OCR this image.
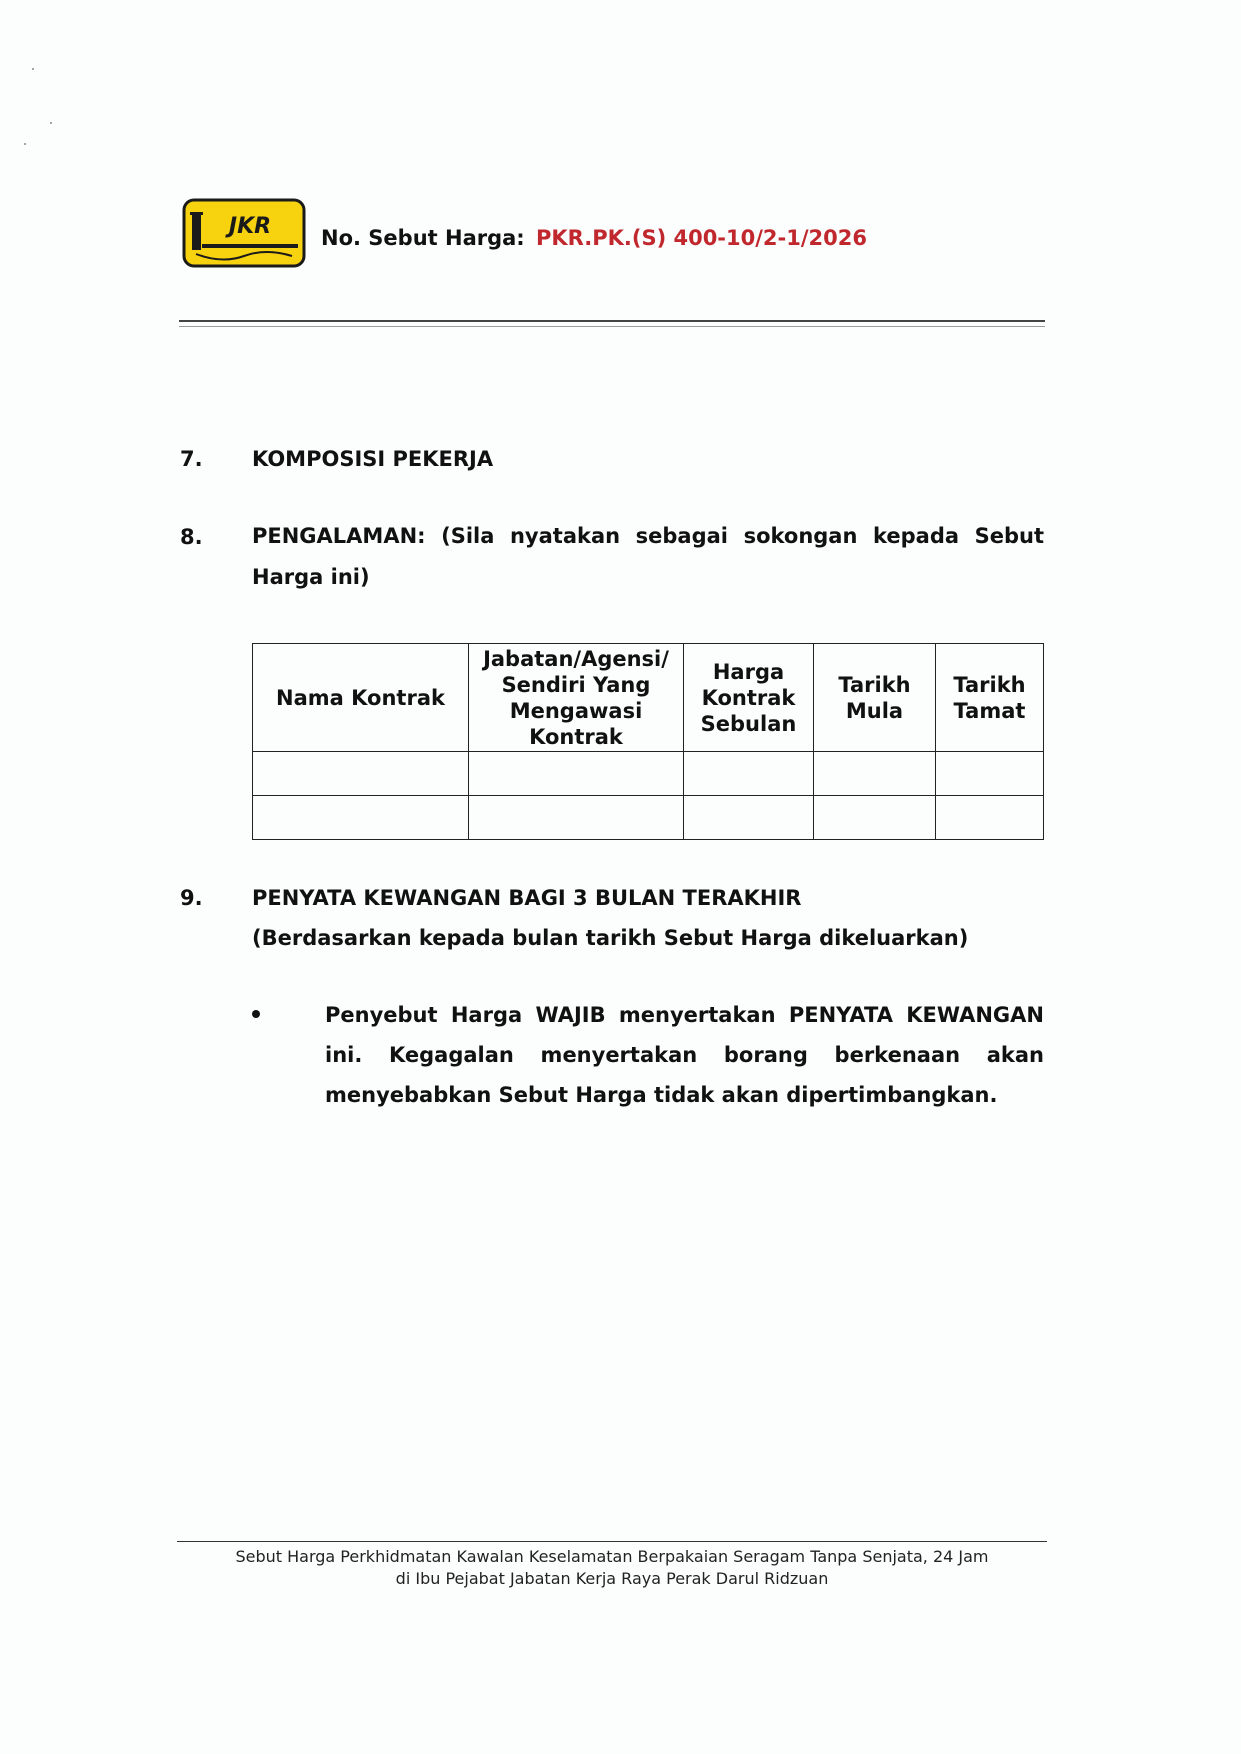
JKR No. Sebut Harga: PKR.PK.(S) 400-10/2-1/2026
7. KOMPOSISI PEKERJA
8. PENGALAMAN: (Sila nyatakan sebagai sokongan kepada Sebut Harga ini)
Nama Kontrak	Jabatan/Agensi/ Sendiri Yang Mengawasi Kontrak	Harga Kontrak Sebulan	Tarikh Mula	Tarikh Tamat

9. PENYATA KEWANGAN BAGI 3 BULAN TERAKHIR
(Berdasarkan kepada bulan tarikh Sebut Harga dikeluarkan)
Penyebut Harga WAJIB menyertakan PENYATA KEWANGAN ini. Kegagalan menyertakan borang berkenaan akan menyebabkan Sebut Harga tidak akan dipertimbangkan.
Sebut Harga Perkhidmatan Kawalan Keselamatan Berpakaian Seragam Tanpa Senjata, 24 Jam
di Ibu Pejabat Jabatan Kerja Raya Perak Darul Ridzuan
